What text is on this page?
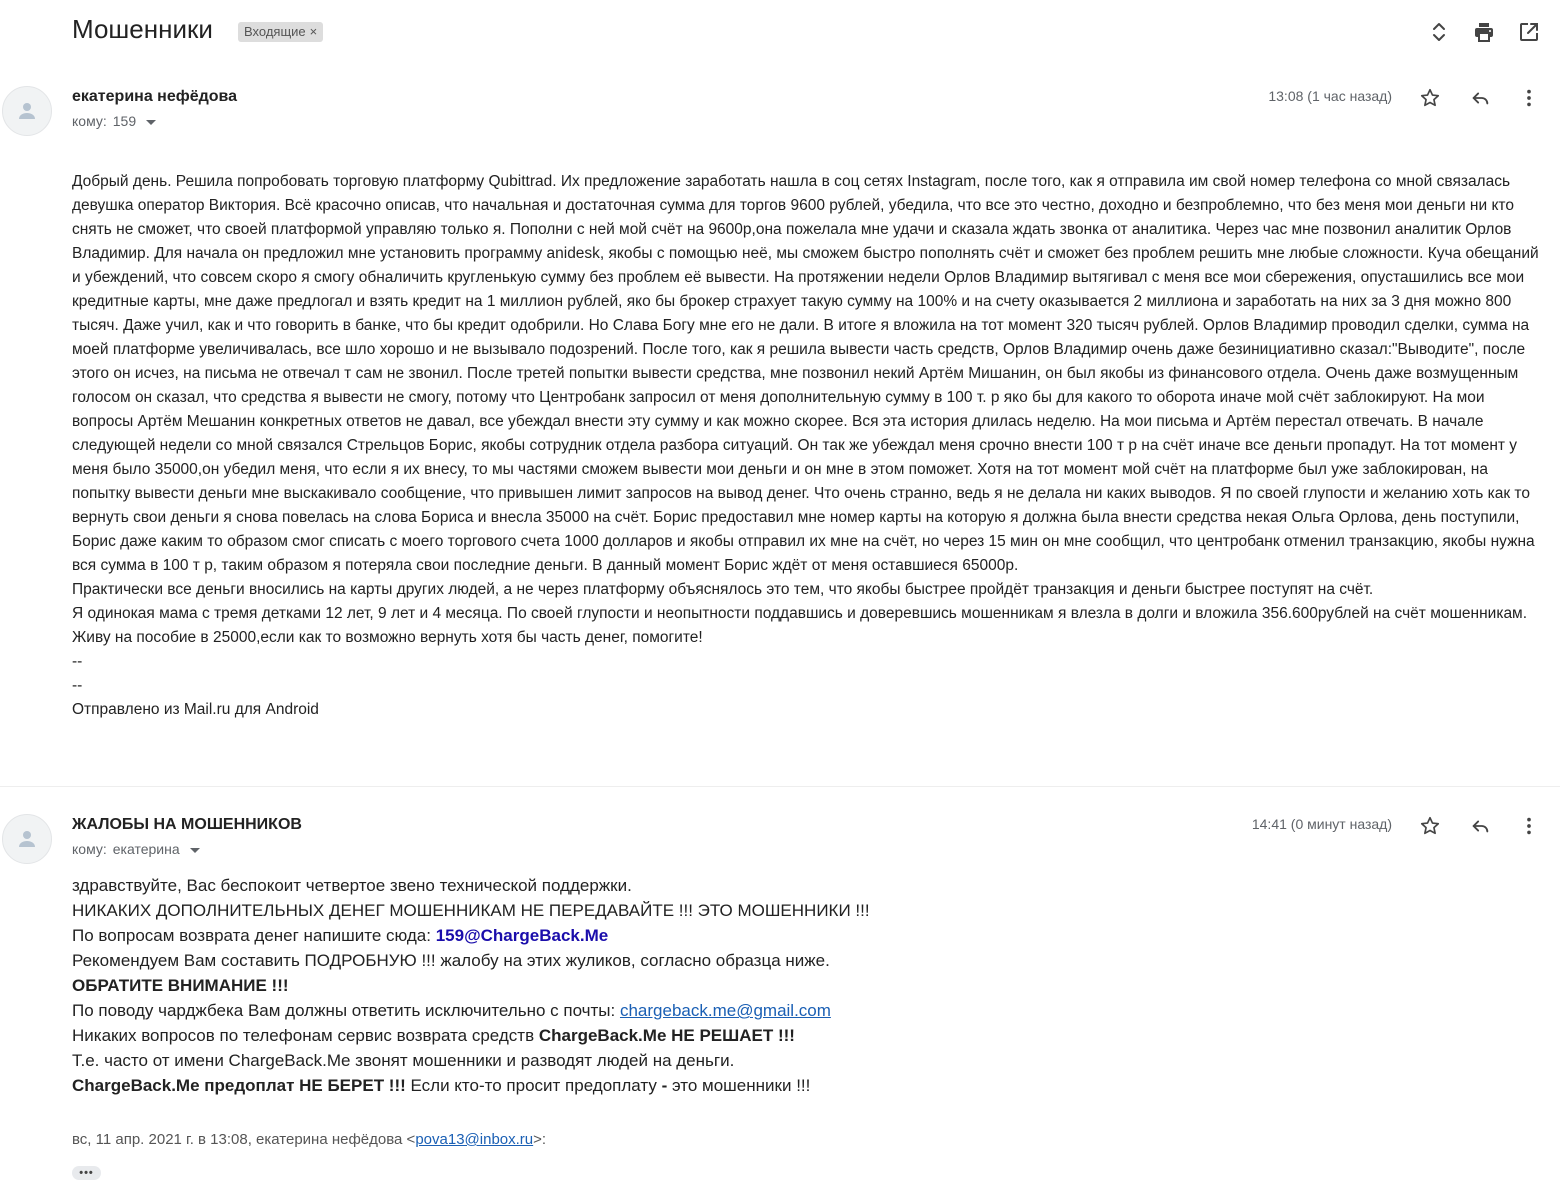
Мошенники Входящие ×
екатерина нефёдова
кому: 159
13:08 (1 час назад)

Добрый день. Решила попробовать торговую платформу Qubittrad. Их предложение заработать нашла в соц сетях Instagram, после того, как я отправила им свой номер телефона со мной связалась девушка оператор Виктория. Всё красочно описав, что начальная и достаточная сумма для торгов 9600 рублей, убедила, что все это честно, доходно и безпроблемно, что без меня мои деньги ни кто снять не сможет, что своей платформой управляю только я. Пополни с ней мой счёт на 9600р,она пожелала мне удачи и сказала ждать звонка от аналитика. Через час мне позвонил аналитик Орлов Владимир. Для начала он предложил мне установить программу anidesk, якобы с помощью неё, мы сможем быстро пополнять счёт и сможет без проблем решить мне любые сложности. Куча обещаний и убеждений, что совсем скоро я смогу обналичить кругленькую сумму без проблем её вывести. На протяжении недели Орлов Владимир вытягивал с меня все мои сбережения, опусташились все мои кредитные карты, мне даже предлогал и взять кредит на 1 миллион рублей, яко бы брокер страхует такую сумму на 100% и на счету оказывается 2 миллиона и заработать на них за 3 дня можно 800 тысяч. Даже учил, как и что говорить в банке, что бы кредит одобрили. Но Слава Богу мне его не дали. В итоге я вложила на тот момент 320 тысяч рублей. Орлов Владимир проводил сделки, сумма на моей платформе увеличивалась, все шло хорошо и не вызывало подозрений. После того, как я решила вывести часть средств, Орлов Владимир очень даже безинициативно сказал:"Выводите", после этого он исчез, на письма не отвечал т сам не звонил. После третей попытки вывести средства, мне позвонил некий Артём Мишанин, он был якобы из финансового отдела. Очень даже возмущенным голосом он сказал, что средства я вывести не смогу, потому что Центробанк запросил от меня дополнительную сумму в 100 т. р яко бы для какого то оборота иначе мой счёт заблокируют. На мои вопросы Артём Мешанин конкретных ответов не давал, все убеждал внести эту сумму и как можно скорее. Вся эта история длилась неделю. На мои письма и Артём перестал отвечать. В начале следующей недели со мной связался Стрельцов Борис, якобы сотрудник отдела разбора ситуаций. Он так же убеждал меня срочно внести 100 т р на счёт иначе все деньги пропадут. На тот момент у меня было 35000,он убедил меня, что если я их внесу, то мы частями сможем вывести мои деньги и он мне в этом поможет. Хотя на тот момент мой счёт на платформе был уже заблокирован, на попытку вывести деньги мне выскакивало сообщение, что привышен лимит запросов на вывод денег. Что очень странно, ведь я не делала ни каких выводов. Я по своей глупости и желанию хоть как то вернуть свои деньги я снова повелась на слова Бориса и внесла 35000 на счёт. Борис предоставил мне номер карты на которую я должна была внести средства некая Ольга Орлова, день поступили, Борис даже каким то образом смог списать с моего торгового счета 1000 долларов и якобы отправил их мне на счёт, но через 15 мин он мне сообщил, что центробанк отменил транзакцию, якобы нужна вся сумма в 100 т р, таким образом я потеряла свои последние деньги. В данный момент Борис ждёт от меня оставшиеся 65000р.

Практически все деньги вносились на карты других людей, а не через платформу объяснялось это тем, что якобы быстрее пройдёт транзакция и деньги быстрее поступят на счёт.

Я одинокая мама с тремя детками 12 лет, 9 лет и 4 месяца. По своей глупости и неопытности поддавшись и доверевшись мошенникам я влезла в долги и вложила 356.600рублей на счёт мошенникам. Живу на пособие в 25000,если как то возможно вернуть хотя бы часть денег, помогите!

--

--

Отправлено из Mail.ru для Android

ЖАЛОБЫ НА МОШЕННИКОВ
кому: екатерина
14:41 (0 минут назад)
здравствуйте, Вас беспокоит четвертое звено технической поддержки.
НИКАКИХ ДОПОЛНИТЕЛЬНЫХ ДЕНЕГ МОШЕННИКАМ НЕ ПЕРЕДАВАЙТЕ !!! ЭТО МОШЕННИКИ !!!
По вопросам возврата денег напишите сюда: 159@ChargeBack.Me
Рекомендуем Вам составить ПОДРОБНУЮ !!! жалобу на этих жуликов, согласно образца ниже.
ОБРАТИТЕ ВНИМАНИЕ !!!
По поводу чарджбека Вам должны ответить исключительно с почты: chargeback.me@gmail.com
Никаких вопросов по телефонам сервис возврата средств ChargeBack.Me НЕ РЕШАЕТ !!!
Т.е. часто от имени ChargeBack.Me звонят мошенники и разводят людей на деньги.
ChargeBack.Me предоплат НЕ БЕРЕТ !!! Если кто-то просит предоплату - это мошенники !!!
вс, 11 апр. 2021 г. в 13:08, екатерина нефёдова <pova13@inbox.ru>:
•••
